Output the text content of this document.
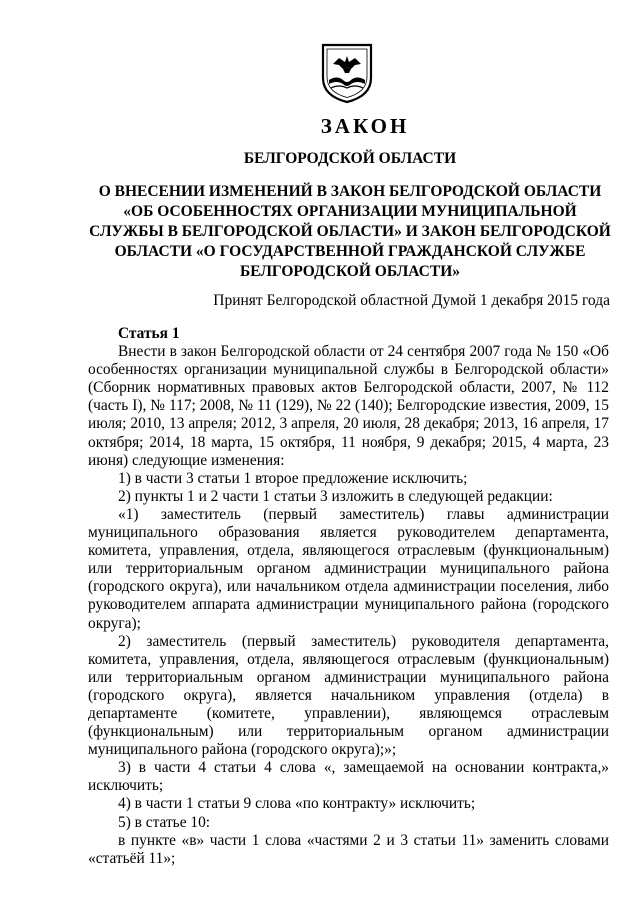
ЗАКОН
БЕЛГОРОДСКОЙ ОБЛАСТИ
О ВНЕСЕНИИ ИЗМЕНЕНИЙ В ЗАКОН БЕЛГОРОДСКОЙ ОБЛАСТИ «ОБ ОСОБЕННОСТЯХ ОРГАНИЗАЦИИ МУНИЦИПАЛЬНОЙ СЛУЖБЫ В БЕЛГОРОДСКОЙ ОБЛАСТИ» И ЗАКОН БЕЛГОРОДСКОЙ ОБЛАСТИ «О ГОСУДАРСТВЕННОЙ ГРАЖДАНСКОЙ СЛУЖБЕ БЕЛГОРОДСКОЙ ОБЛАСТИ»
Принят Белгородской областной Думой 1 декабря 2015 года

Статья 1

Внести в закон Белгородской области от 24 сентября 2007 года № 150 «Об особенностях организации муниципальной службы в Белгородской области» (Сборник нормативных правовых актов Белгородской области, 2007, № 112 (часть I), № 117; 2008, № 11 (129), № 22 (140); Белгородские известия, 2009, 15 июля; 2010, 13 апреля; 2012, 3 апреля, 20 июля, 28 декабря; 2013, 16 апреля, 17 октября; 2014, 18 марта, 15 октября, 11 ноября, 9 декабря; 2015, 4 марта, 23 июня) следующие изменения:

1) в части 3 статьи 1 второе предложение исключить;

2) пункты 1 и 2 части 1 статьи 3 изложить в следующей редакции:

«1) заместитель (первый заместитель) главы администрации муниципального образования является руководителем департамента, комитета, управления, отдела, являющегося отраслевым (функциональным) или территориальным органом администрации муниципального района (городского округа), или начальником отдела администрации поселения, либо руководителем аппарата администрации муниципального района (городского округа);

2) заместитель (первый заместитель) руководителя департамента, комитета, управления, отдела, являющегося отраслевым (функциональным) или территориальным органом администрации муниципального района (городского округа), является начальником управления (отдела) в департаменте (комитете, управлении), являющемся отраслевым (функциональным) или территориальным органом администрации муниципального района (городского округа);»;

3) в части 4 статьи 4 слова «, замещаемой на основании контракта,» исключить;

4) в части 1 статьи 9 слова «по контракту» исключить;

5) в статье 10:

в пункте «в» части 1 слова «частями 2 и 3 статьи 11» заменить словами «статьёй 11»;
